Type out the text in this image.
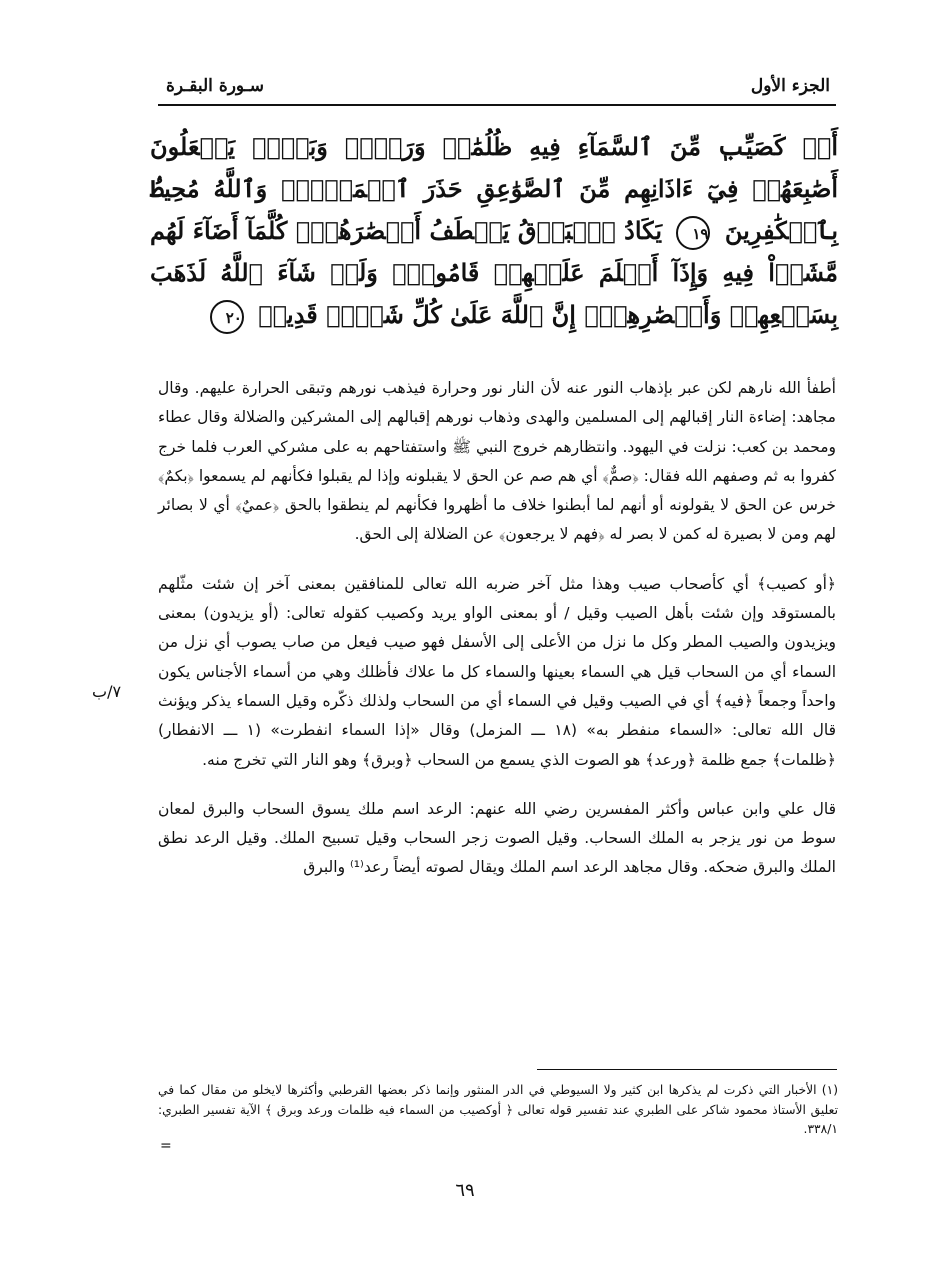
الجزء الأول
سـورة البقـرة
أَوۡ كَصَيِّبٖ مِّنَ ٱلسَّمَآءِ فِيهِ ظُلُمَٰتٞ وَرَعۡدٞ وَبَرۡقٞ يَجۡعَلُونَ أَصَٰبِعَهُمۡ فِيٓ ءَاذَانِهِم مِّنَ ٱلصَّوَٰعِقِ حَذَرَ ٱلۡمَوۡتِۚ وَٱللَّهُ مُحِيطُۢ بِٱلۡكَٰفِرِينَ ١٩ يَكَادُ ٱلۡبَرۡقُ يَخۡطَفُ أَبۡصَٰرَهُمۡۖ كُلَّمَآ أَضَآءَ لَهُم مَّشَوۡاْ فِيهِ وَإِذَآ أَظۡلَمَ عَلَيۡهِمۡ قَامُواْۚ وَلَوۡ شَآءَ ٱللَّهُ لَذَهَبَ بِسَمۡعِهِمۡ وَأَبۡصَٰرِهِمۡۚ إِنَّ ٱللَّهَ عَلَىٰ كُلِّ شَيۡءٖ قَدِيرٞ ٢٠

أطفأ الله نارهم لكن عبر بإذهاب النور عنه لأن النار نور وحرارة فيذهب نورهم وتبقى الحرارة عليهم. وقال مجاهد: إضاءة النار إقبالهم إلى المسلمين والهدى وذهاب نورهم إقبالهم إلى المشركين والضلالة وقال عطاء ومحمد بن كعب: نزلت في اليهود. وانتظارهم خروج النبي ﷺ واستفتاحهم به على مشركي العرب فلما خرج كفروا به ثم وصفهم الله فقال: ﴿صمٌّ﴾ أي هم صم عن الحق لا يقبلونه وإذا لم يقبلوا فكأنهم لم يسمعوا ﴿بكمٌ﴾ خرس عن الحق لا يقولونه أو أنهم لما أبطنوا خلاف ما أظهروا فكأنهم لم ينطقوا بالحق ﴿عميٌ﴾ أي لا بصائر لهم ومن لا بصيرة له كمن لا بصر له ﴿فهم لا يرجعون﴾ عن الضلالة إلى الحق.

﴿أو كصيب﴾ أي كأصحاب صيب وهذا مثل آخر ضربه الله تعالى للمنافقين بمعنى آخر إن شئت مثّلهم بالمستوقد وإن شئت بأهل الصيب وقيل / أو بمعنى الواو يريد وكصيب كقوله تعالى: (أو يزيدون) بمعنى ويزيدون والصيب المطر وكل ما نزل من الأعلى إلى الأسفل فهو صيب فيعل من صاب يصوب أي نزل من السماء أي من السحاب قيل هي السماء بعينها والسماء كل ما علاك فأظلك وهي من أسماء الأجناس يكون واحداً وجمعاً ﴿فيه﴾ أي في الصيب وقيل في السماء أي من السحاب ولذلك ذكّره وقيل السماء يذكر ويؤنث قال الله تعالى: «السماء منفطر به» (١٨ ـــ المزمل) وقال «إذا السماء انفطرت» (١ ـــ الانفطار) ﴿ظلمات﴾ جمع ظلمة ﴿ورعد﴾ هو الصوت الذي يسمع من السحاب ﴿وبرق﴾ وهو النار التي تخرج منه.

قال علي وابن عباس وأكثر المفسرين رضي الله عنهم: الرعد اسم ملك يسوق السحاب والبرق لمعان سوط من نور يزجر به الملك السحاب. وقيل الصوت زجر السحاب وقيل تسبيح الملك. وقيل الرعد نطق الملك والبرق ضحكه. وقال مجاهد الرعد اسم الملك ويقال لصوته أيضاً رعد⁽¹⁾ والبرق

٧/ب
(١) الأخبار التي ذكرت لم يذكرها ابن كثير ولا السيوطي في الدر المنثور وإنما ذكر بعضها القرطبي وأكثرها لايخلو من مقال كما في تعليق الأستاذ محمود شاكر على الطبري عند تفسير قوله تعالى ﴿ أوكصيب من السماء فيه ظلمات ورعد وبرق ﴾ الآية تفسير الطبري: ٣٣٨/١.
=
٦٩
